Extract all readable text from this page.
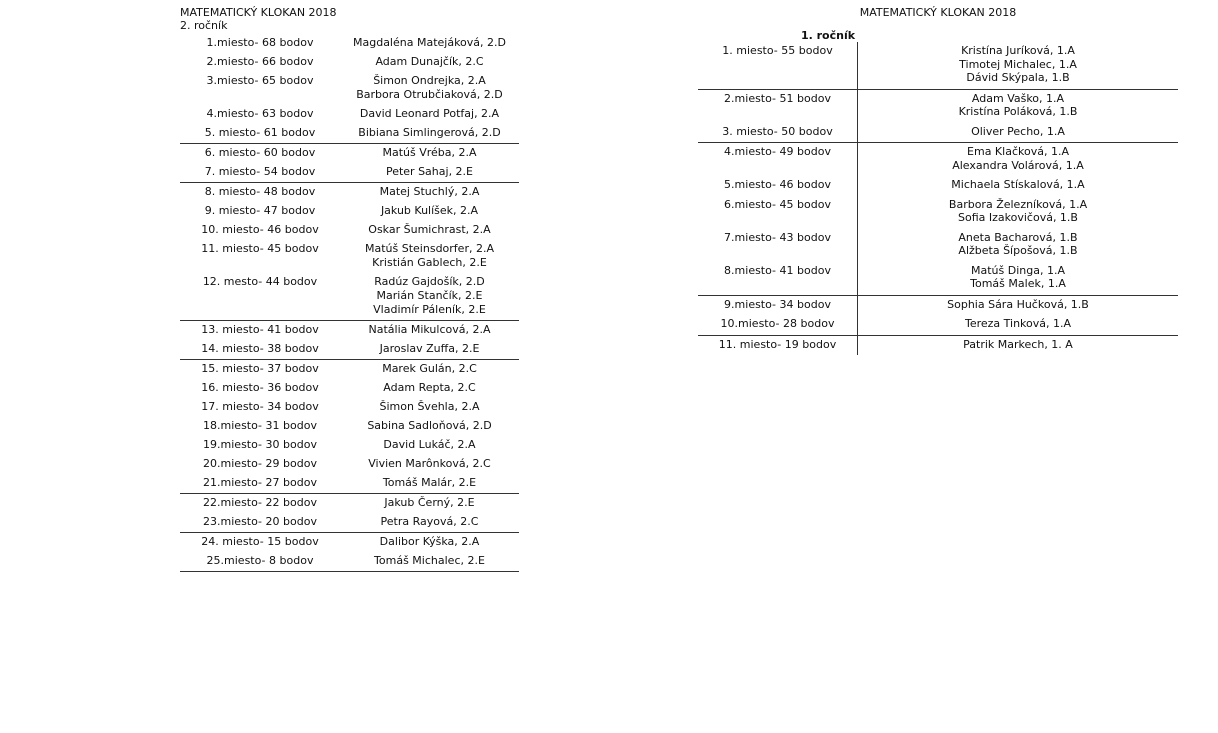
MATEMATICKÝ KLOKAN 2018
2. ročník
1.miesto- 68 bodov	Magdaléna Matejáková, 2.D

2.miesto- 66 bodov	Adam Dunajčík, 2.C

3.miesto- 65 bodov	Šimon Ondrejka, 2.A
Barbora Otrubčiaková, 2.D

4.miesto- 63 bodov	David Leonard Potfaj, 2.A

5. miesto- 61 bodov	Bibiana Simlingerová, 2.D

6. miesto- 60 bodov	Matúš Vréba, 2.A

7. miesto- 54 bodov	Peter Sahaj, 2.E

8. miesto- 48 bodov	Matej Stuchlý, 2.A

9. miesto- 47 bodov	Jakub Kulíšek, 2.A

10. miesto- 46 bodov	Oskar Šumichrast, 2.A

11. miesto- 45 bodov	Matúš Steinsdorfer, 2.A
Kristián Gablech, 2.E

12. mesto- 44 bodov	Radúz Gajdošík, 2.D
Marián Stančík, 2.E
Vladimír Páleník, 2.E

13. miesto- 41 bodov	Natália Mikulcová, 2.A

14. miesto- 38 bodov	Jaroslav Zuffa, 2.E

15. miesto- 37 bodov	Marek Gulán, 2.C

16. miesto- 36 bodov	Adam Repta, 2.C

17. miesto- 34 bodov	Šimon Švehla, 2.A

18.miesto- 31 bodov	Sabina Sadloňová, 2.D

19.miesto- 30 bodov	David Lukáč, 2.A

20.miesto- 29 bodov	Vivien Marônková, 2.C

21.miesto- 27 bodov	Tomáš Malár, 2.E

22.miesto- 22 bodov	Jakub Černý, 2.E

23.miesto- 20 bodov	Petra Rayová, 2.C

24. miesto- 15 bodov	Dalibor Kýška, 2.A

25.miesto- 8 bodov	Tomáš Michalec, 2.E
MATEMATICKÝ KLOKAN 2018
1. ročník
1. miesto- 55 bodov	Kristína Juríková, 1.A
Timotej Michalec, 1.A
Dávid Skýpala, 1.B

2.miesto- 51 bodov	Adam Vaško, 1.A
Kristína Poláková, 1.B

3. miesto- 50 bodov	Oliver Pecho, 1.A

4.miesto- 49 bodov	Ema Klačková, 1.A
Alexandra Volárová, 1.A

5.miesto- 46 bodov	Michaela Stískalová, 1.A

6.miesto- 45 bodov	Barbora Železníková, 1.A
Sofia Izakovičová, 1.B

7.miesto- 43 bodov	Aneta Bacharová, 1.B
Alžbeta Šípošová, 1.B

8.miesto- 41 bodov	Matúš Dinga, 1.A
Tomáš Malek, 1.A

9.miesto- 34 bodov	Sophia Sára Hučková, 1.B

10.miesto- 28 bodov	Tereza Tinková, 1.A

11. miesto- 19 bodov	Patrik Markech, 1. A
